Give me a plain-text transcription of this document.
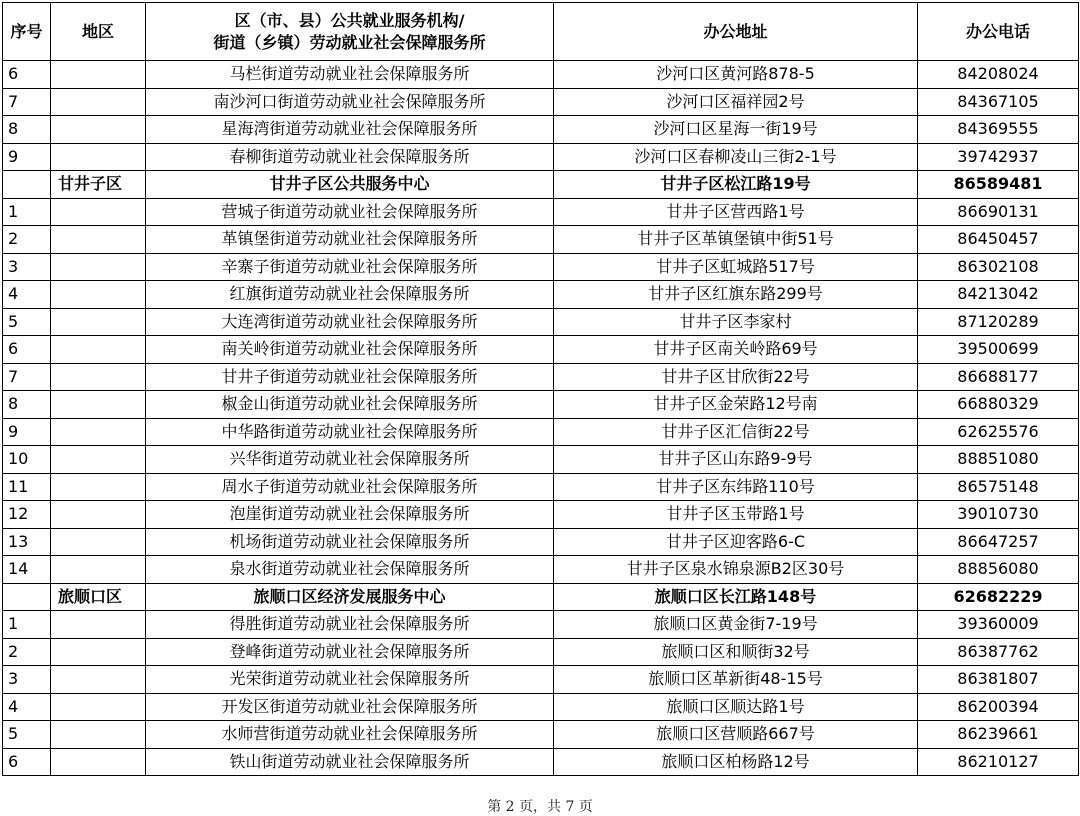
序号	地区	区（市、县）公共就业服务机构/
街道（乡镇）劳动就业社会保障服务所	办公地址	办公电话
6		马栏街道劳动就业社会保障服务所	沙河口区黄河路878-5	84208024
7		南沙河口街道劳动就业社会保障服务所	沙河口区福祥园2号	84367105
8		星海湾街道劳动就业社会保障服务所	沙河口区星海一街19号	84369555
9		春柳街道劳动就业社会保障服务所	沙河口区春柳凌山三街2-1号	39742937
	甘井子区	甘井子区公共服务中心	甘井子区松江路19号	86589481
1		营城子街道劳动就业社会保障服务所	甘井子区营西路1号	86690131
2		革镇堡街道劳动就业社会保障服务所	甘井子区革镇堡镇中街51号	86450457
3		辛寨子街道劳动就业社会保障服务所	甘井子区虹城路517号	86302108
4		红旗街道劳动就业社会保障服务所	甘井子区红旗东路299号	84213042
5		大连湾街道劳动就业社会保障服务所	甘井子区李家村	87120289
6		南关岭街道劳动就业社会保障服务所	甘井子区南关岭路69号	39500699
7		甘井子街道劳动就业社会保障服务所	甘井子区甘欣街22号	86688177
8		椒金山街道劳动就业社会保障服务所	甘井子区金荣路12号南	66880329
9		中华路街道劳动就业社会保障服务所	甘井子区汇信街22号	62625576
10		兴华街道劳动就业社会保障服务所	甘井子区山东路9-9号	88851080
11		周水子街道劳动就业社会保障服务所	甘井子区东纬路110号	86575148
12		泡崖街道劳动就业社会保障服务所	甘井子区玉带路1号	39010730
13		机场街道劳动就业社会保障服务所	甘井子区迎客路6-C	86647257
14		泉水街道劳动就业社会保障服务所	甘井子区泉水锦泉源B2区30号	88856080
	旅顺口区	旅顺口区经济发展服务中心	旅顺口区长江路148号	62682229
1		得胜街道劳动就业社会保障服务所	旅顺口区黄金街7-19号	39360009
2		登峰街道劳动就业社会保障服务所	旅顺口区和顺街32号	86387762
3		光荣街道劳动就业社会保障服务所	旅顺口区革新街48-15号	86381807
4		开发区街道劳动就业社会保障服务所	旅顺口区顺达路1号	86200394
5		水师营街道劳动就业社会保障服务所	旅顺口区营顺路667号	86239661
6		铁山街道劳动就业社会保障服务所	旅顺口区柏杨路12号	86210127
第 2 页，共 7 页
